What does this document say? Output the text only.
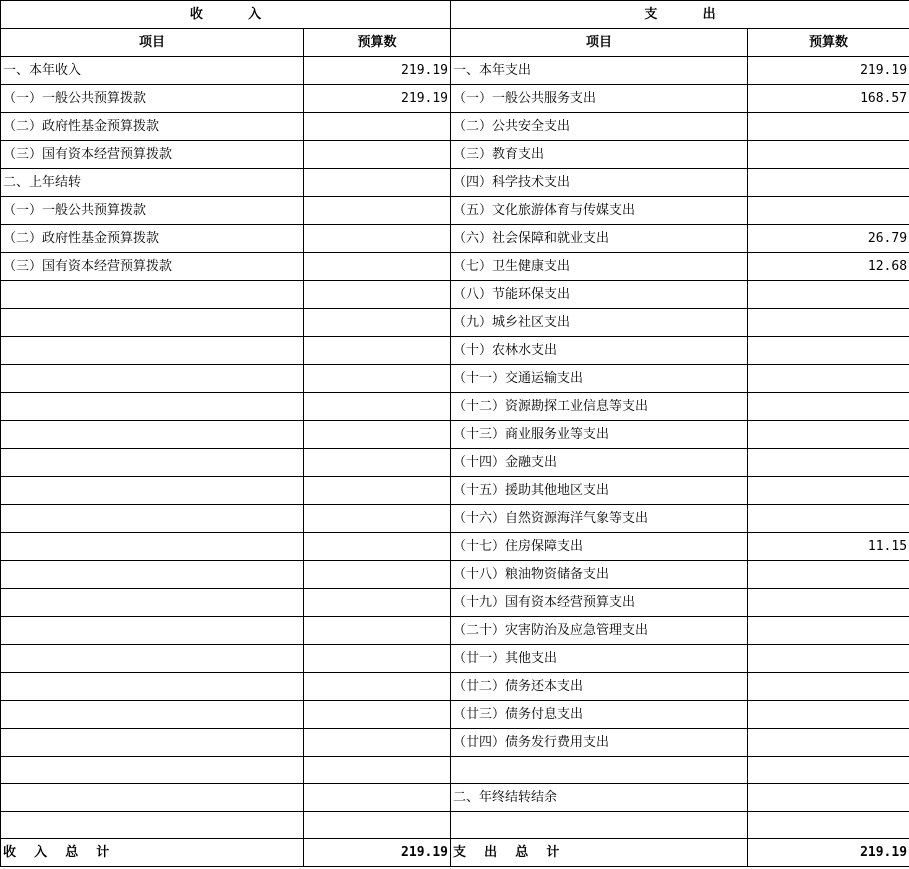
收          入		支          出	
项目	预算数	项目	预算数
一、本年收入	219.19	一、本年支出	219.19
（一）一般公共预算拨款	219.19	（一）一般公共服务支出	168.57
（二）政府性基金预算拨款		（二）公共安全支出	
（三）国有资本经营预算拨款		（三）教育支出	
二、上年结转		（四）科学技术支出	
（一）一般公共预算拨款		（五）文化旅游体育与传媒支出	
（二）政府性基金预算拨款		（六）社会保障和就业支出	26.79
（三）国有资本经营预算拨款		（七）卫生健康支出	12.68
		（八）节能环保支出	
		（九）城乡社区支出	
		（十）农林水支出	
		（十一）交通运输支出	
		（十二）资源勘探工业信息等支出	
		（十三）商业服务业等支出	
		（十四）金融支出	
		（十五）援助其他地区支出	
		（十六）自然资源海洋气象等支出	
		（十七）住房保障支出	11.15
		（十八）粮油物资储备支出	
		（十九）国有资本经营预算支出	
		（二十）灾害防治及应急管理支出	
		（廿一）其他支出	
		（廿二）债务还本支出	
		（廿三）债务付息支出	
		（廿四）债务发行费用支出	

		二、年终结转结余	

收    入    总    计	219.19	支    出    总    计	219.19
